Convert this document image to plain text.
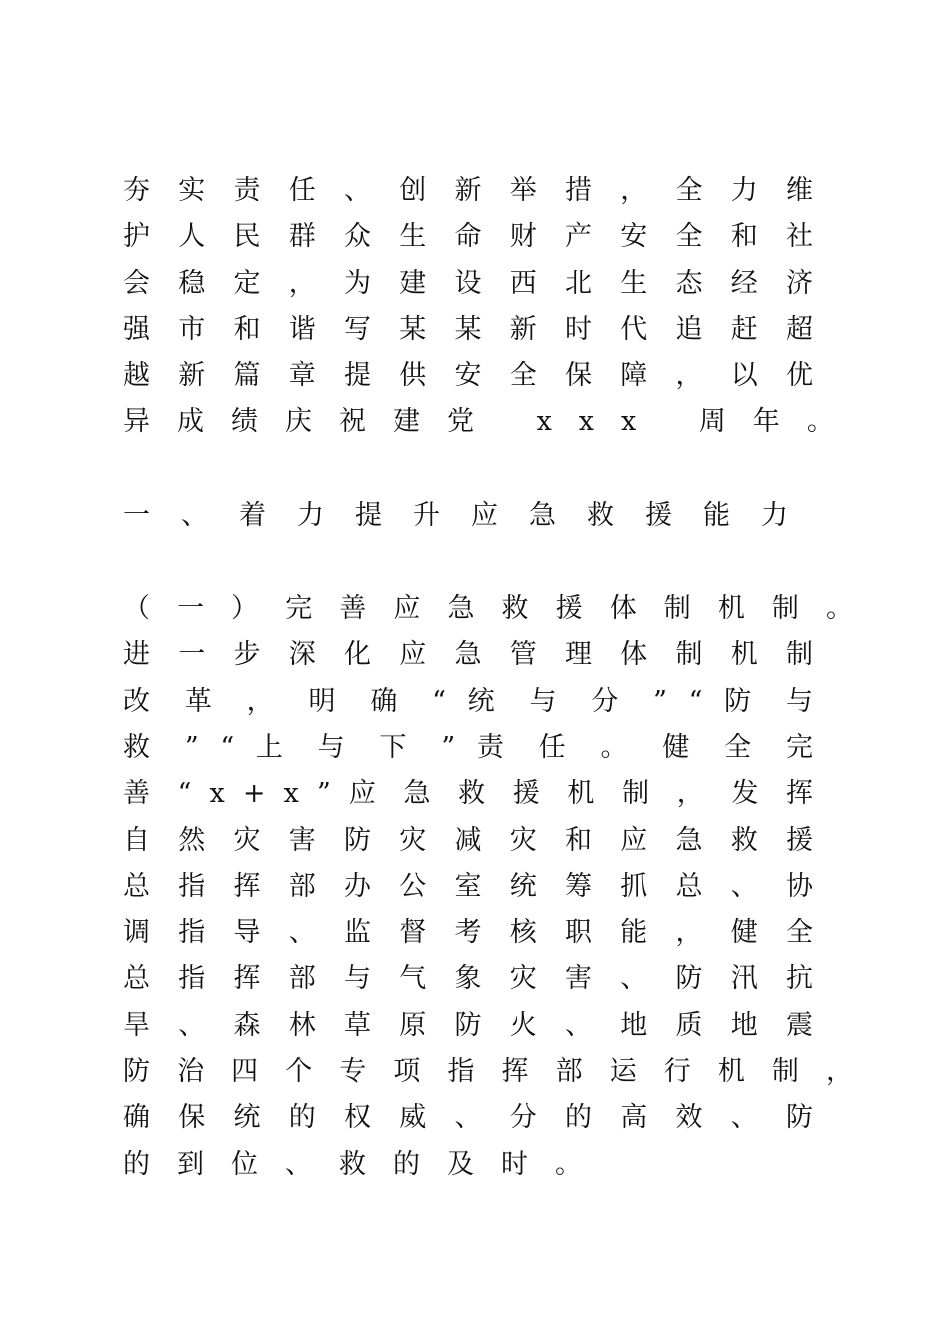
夯 实 责 任 、 创 新 举 措 ， 全 力 维
护 人 民 群 众 生 命 财 产 安 全 和 社
会 稳 定 ， 为 建 设 西 北 生 态 经 济
强 市 和 谐 写 某 某 新 时 代 追 赶 超
越 新 篇 章 提 供 安 全 保 障 ， 以 优
异成绩庆祝建党 xxx 周年。

一、着力提升应急救援能力

（ 一 ） 完 善 应 急 救 援 体 制 机 制 。
进 一 步 深 化 应 急 管 理 体 制 机 制
改 革 ， 明 确 “ 统 与 分 ” “ 防 与
救 ” “ 上 与 下 ” 责 任 。 健 全 完
善 “ x + x ” 应 急 救 援 机 制 ， 发 挥
自 然 灾 害 防 灾 减 灾 和 应 急 救 援
总 指 挥 部 办 公 室 统 筹 抓 总 、 协
调 指 导 、 监 督 考 核 职 能 ， 健 全
总 指 挥 部 与 气 象 灾 害 、 防 汛 抗
旱 、 森 林 草 原 防 火 、 地 质 地 震
防 治 四 个 专 项 指 挥 部 运 行 机 制 ，
确 保 统 的 权 威 、 分 的 高 效 、 防
的到位、救的及时。
